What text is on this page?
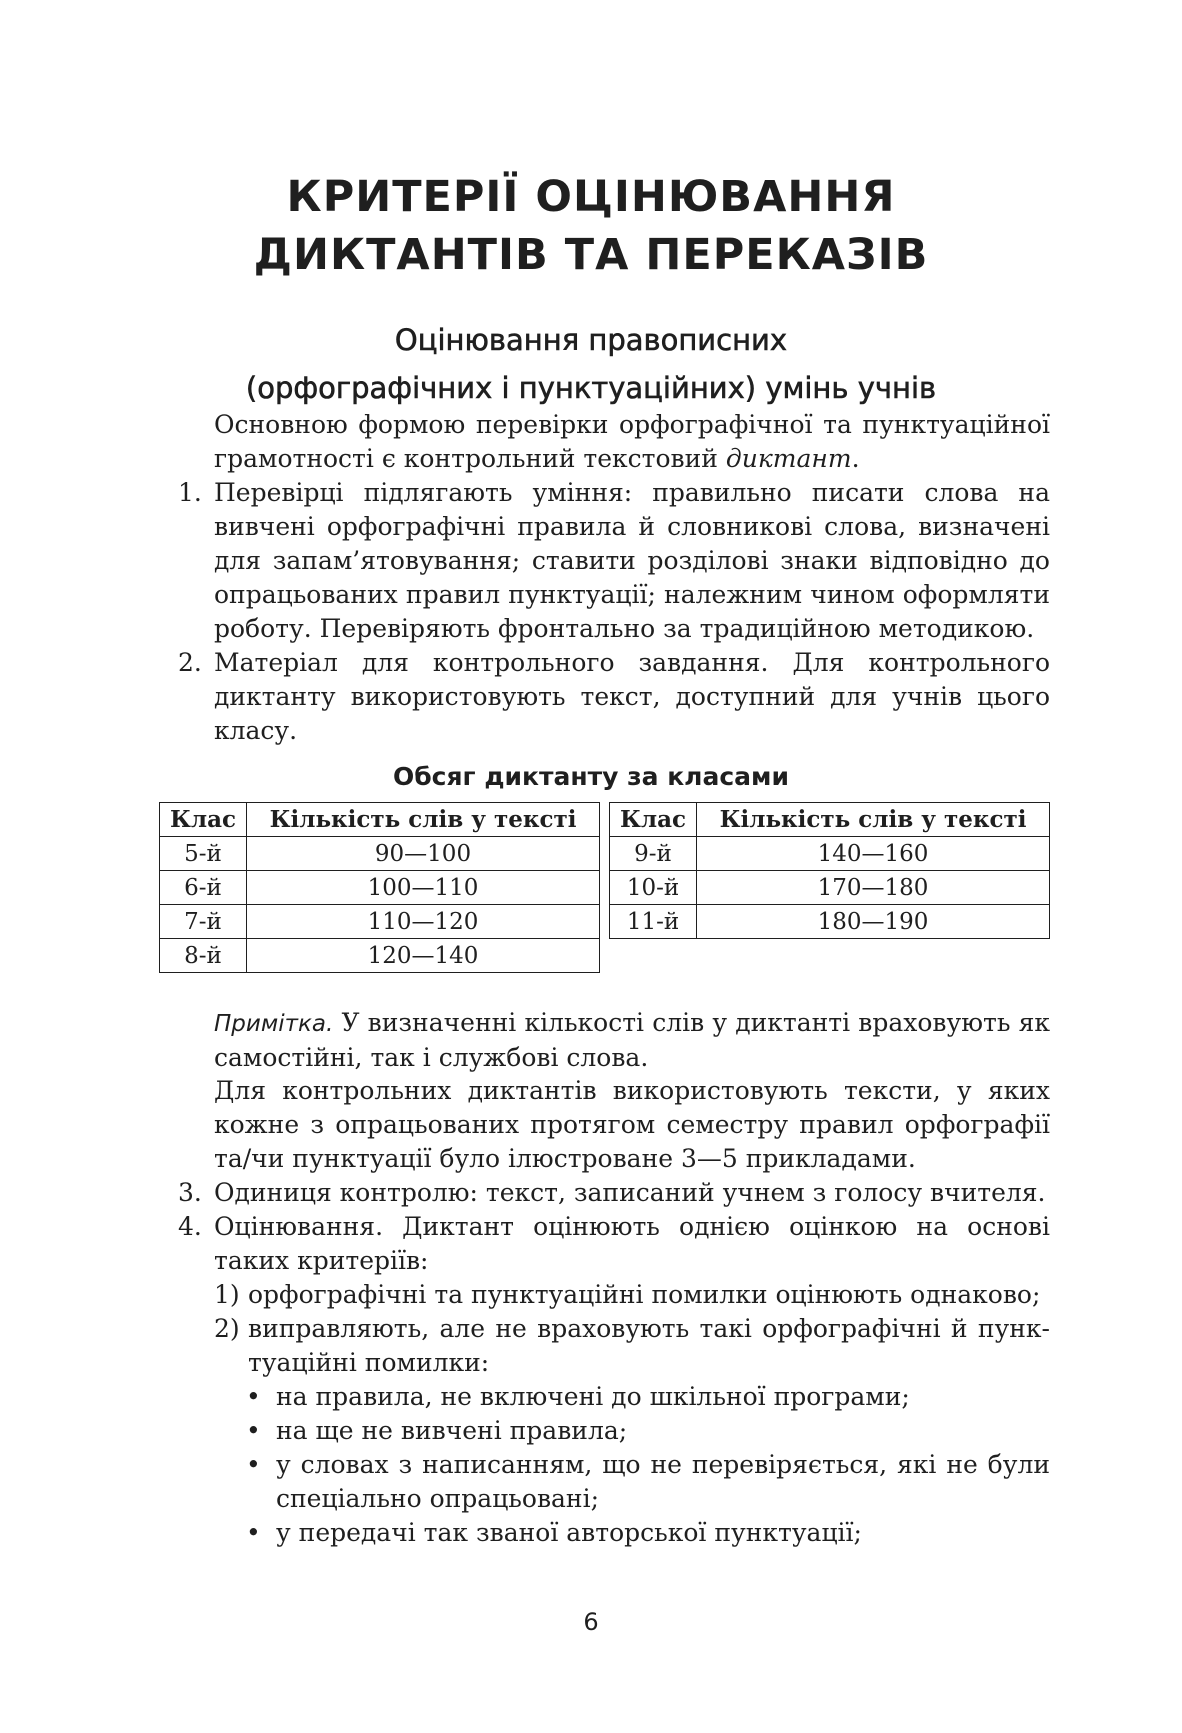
КРИТЕРІЇ ОЦІНЮВАННЯ
ДИКТАНТІВ ТА ПЕРЕКАЗІВ
Оцінювання правописних
(орфографічних і пунктуаційних) умінь учнів

Основною формою перевірки орфографічної та пунктуаційної грамотності є контрольний текстовий диктант.

1. Перевірці підлягають уміння: правильно писати слова на вивчені орфографічні правила й словникові слова, визначені для запам’ятовування; ставити розділові знаки відповідно до опрацьованих правил пунктуації; належним чином оформляти роботу. Перевіряють фронтально за традиційною методикою.
2. Матеріал для контрольного завдання. Для контрольного диктанту використовують текст, доступний для учнів цього класу.

Обсяг диктанту за класами

Клас	Кількість слів у тексті
5-й	90—100
6-й	100—110
7-й	110—120
8-й	120—140
Клас	Кількість слів у тексті
9-й	140—160
10-й	170—180
11-й	180—190

Примітка. У визначенні кількості слів у диктанті враховують як самостійні, так і службові слова.

Для контрольних диктантів використовують тексти, у яких кожне з опрацьованих протягом семестру правил орфографії та/чи пунктуації було ілюстроване 3—5 прикладами.

3. Одиниця контролю: текст, записаний учнем з голосу вчителя.
4. Оцінювання. Диктант оцінюють однією оцінкою на основі таких критеріїв:
1) орфографічні та пунктуаційні помилки оцінюють однаково;
2) виправляють, але не враховують такі орфографічні й пунктуаційні помилки:
• на правила, не включені до шкільної програми;
• на ще не вивчені правила;
• у словах з написанням, що не перевіряється, які не були спеціально опрацьовані;
• у передачі так званої авторської пунктуації;
6
